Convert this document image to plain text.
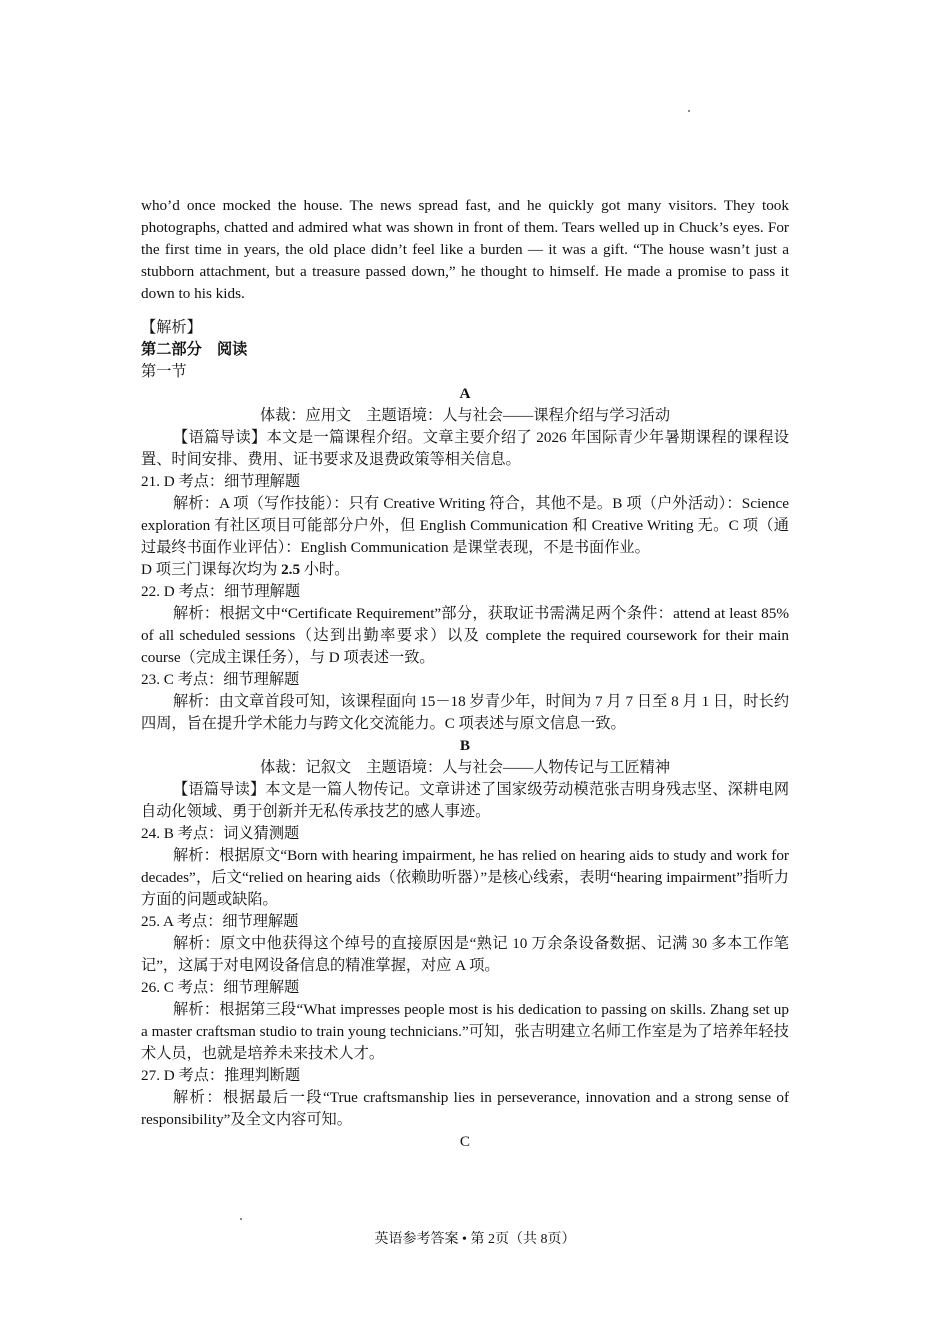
who’d once mocked the house. The news spread fast, and he quickly got many visitors. They took photographs, chatted and admired what was shown in front of them. Tears welled up in Chuck’s eyes. For the first time in years, the old place didn’t feel like a burden — it was a gift. “The house wasn’t just a stubborn attachment, but a treasure passed down,” he thought to himself. He made a promise to pass it down to his kids.

【解析】

第二部分　阅读

第一节

A

体裁：应用文　主题语境：人与社会——课程介绍与学习活动

【语篇导读】本文是一篇课程介绍。文章主要介绍了 2026 年国际青少年暑期课程的课程设置、时间安排、费用、证书要求及退费政策等相关信息。

21. D 考点：细节理解题

解析：A 项（写作技能）：只有 Creative Writing 符合，其他不是。B 项（户外活动）：Science exploration 有社区项目可能部分户外，但 English Communication 和 Creative Writing 无。C 项（通过最终书面作业评估）：English Communication 是课堂表现，不是书面作业。

D 项三门课每次均为 2.5 小时。

22. D 考点：细节理解题

解析：根据文中“Certificate Requirement”部分，获取证书需满足两个条件：attend at least 85% of all scheduled sessions（达到出勤率要求）以及 complete the required coursework for their main course（完成主课任务），与 D 项表述一致。

23. C 考点：细节理解题

解析：由文章首段可知，该课程面向 15－18 岁青少年，时间为 7 月 7 日至 8 月 1 日，时长约四周，旨在提升学术能力与跨文化交流能力。C 项表述与原文信息一致。

B

体裁：记叙文　主题语境：人与社会——人物传记与工匠精神

【语篇导读】本文是一篇人物传记。文章讲述了国家级劳动模范张吉明身残志坚、深耕电网自动化领域、勇于创新并无私传承技艺的感人事迹。

24. B 考点：词义猜测题

解析：根据原文“Born with hearing impairment, he has relied on hearing aids to study and work for decades”，后文“relied on hearing aids（依赖助听器）”是核心线索，表明“hearing impairment”指听力方面的问题或缺陷。

25. A 考点：细节理解题

解析：原文中他获得这个绰号的直接原因是“熟记 10 万余条设备数据、记满 30 多本工作笔记”，这属于对电网设备信息的精准掌握，对应 A 项。

26. C 考点：细节理解题

解析：根据第三段“What impresses people most is his dedication to passing on skills. Zhang set up a master craftsman studio to train young technicians.”可知，张吉明建立名师工作室是为了培养年轻技术人员，也就是培养未来技术人才。

27. D 考点：推理判断题

解析：根据最后一段“True craftsmanship lies in perseverance, innovation and a strong sense of responsibility”及全文内容可知。

C

英语参考答案 • 第 2页（共 8页）
